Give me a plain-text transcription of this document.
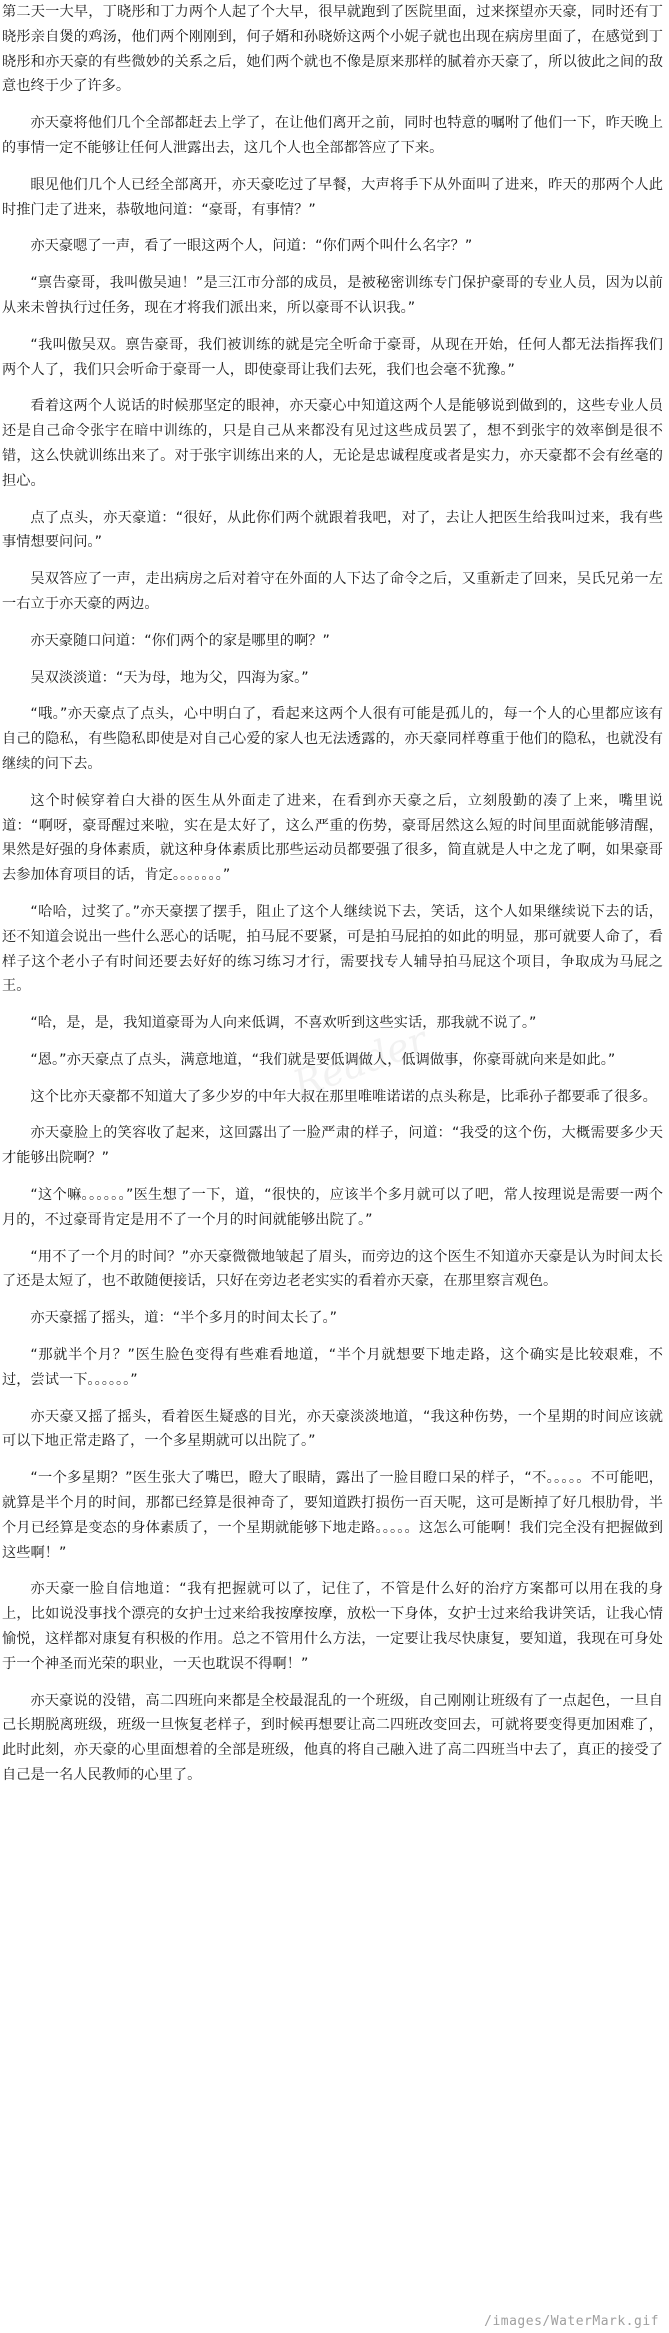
第二天一大早，丁晓彤和丁力两个人起了个大早，很早就跑到了医院里面，过来探望亦天豪，同时还有丁晓彤亲自煲的鸡汤，他们两个刚刚到，何子婿和孙晓娇这两个小妮子就也出现在病房里面了，在感觉到丁晓彤和亦天豪的有些微妙的关系之后，她们两个就也不像是原来那样的腻着亦天豪了，所以彼此之间的敌意也终于少了许多。

亦天豪将他们几个全部都赶去上学了，在让他们离开之前，同时也特意的嘱咐了他们一下，昨天晚上的事情一定不能够让任何人泄露出去，这几个人也全部都答应了下来。

眼见他们几个人已经全部离开，亦天豪吃过了早餐，大声将手下从外面叫了进来，昨天的那两个人此时推门走了进来，恭敬地问道：“豪哥，有事情？”

亦天豪嗯了一声，看了一眼这两个人，问道：“你们两个叫什么名字？”

“禀告豪哥，我叫傲吴迪！”是三江市分部的成员，是被秘密训练专门保护豪哥的专业人员，因为以前从来未曾执行过任务，现在才将我们派出来，所以豪哥不认识我。”

“我叫傲吴双。禀告豪哥，我们被训练的就是完全听命于豪哥，从现在开始，任何人都无法指挥我们两个人了，我们只会听命于豪哥一人，即使豪哥让我们去死，我们也会毫不犹豫。”

看着这两个人说话的时候那坚定的眼神，亦天豪心中知道这两个人是能够说到做到的，这些专业人员还是自己命令张宇在暗中训练的，只是自己从来都没有见过这些成员罢了，想不到张宇的效率倒是很不错，这么快就训练出来了。对于张宇训练出来的人，无论是忠诚程度或者是实力，亦天豪都不会有丝毫的担心。

点了点头，亦天豪道：“很好，从此你们两个就跟着我吧，对了，去让人把医生给我叫过来，我有些事情想要问问。”

吴双答应了一声，走出病房之后对着守在外面的人下达了命令之后，又重新走了回来，吴氏兄弟一左一右立于亦天豪的两边。

亦天豪随口问道：“你们两个的家是哪里的啊？”

吴双淡淡道：“天为母，地为父，四海为家。”

“哦。”亦天豪点了点头，心中明白了，看起来这两个人很有可能是孤儿的，每一个人的心里都应该有自己的隐私，有些隐私即使是对自己心爱的家人也无法透露的，亦天豪同样尊重于他们的隐私，也就没有继续的问下去。

这个时候穿着白大褂的医生从外面走了进来，在看到亦天豪之后，立刻殷勤的凑了上来，嘴里说道：“啊呀，豪哥醒过来啦，实在是太好了，这么严重的伤势，豪哥居然这么短的时间里面就能够清醒，果然是好强的身体素质，就这种身体素质比那些运动员都要强了很多，简直就是人中之龙了啊，如果豪哥去参加体育项目的话，肯定。。。。。。。”

“哈哈，过奖了。”亦天豪摆了摆手，阻止了这个人继续说下去，笑话，这个人如果继续说下去的话，还不知道会说出一些什么恶心的话呢，拍马屁不要紧，可是拍马屁拍的如此的明显，那可就要人命了，看样子这个老小子有时间还要去好好的练习练习才行，需要找专人辅导拍马屁这个项目，争取成为马屁之王。

“哈，是，是，我知道豪哥为人向来低调，不喜欢听到这些实话，那我就不说了。”

“恩。”亦天豪点了点头，满意地道，“我们就是要低调做人，低调做事，你豪哥就向来是如此。”

这个比亦天豪都不知道大了多少岁的中年大叔在那里唯唯诺诺的点头称是，比乖孙子都要乖了很多。

亦天豪脸上的笑容收了起来，这回露出了一脸严肃的样子，问道：“我受的这个伤，大概需要多少天才能够出院啊？”

“这个嘛。。。。。。”医生想了一下，道，“很快的，应该半个多月就可以了吧，常人按理说是需要一两个月的，不过豪哥肯定是用不了一个月的时间就能够出院了。”

“用不了一个月的时间？”亦天豪微微地皱起了眉头，而旁边的这个医生不知道亦天豪是认为时间太长了还是太短了，也不敢随便接话，只好在旁边老老实实的看着亦天豪，在那里察言观色。

亦天豪摇了摇头，道：“半个多月的时间太长了。”

“那就半个月？”医生脸色变得有些难看地道，“半个月就想要下地走路，这个确实是比较艰难，不过，尝试一下。。。。。。”

亦天豪又摇了摇头，看着医生疑惑的目光，亦天豪淡淡地道，“我这种伤势，一个星期的时间应该就可以下地正常走路了，一个多星期就可以出院了。”

“一个多星期？”医生张大了嘴巴，瞪大了眼睛，露出了一脸目瞪口呆的样子，“不。。。。。不可能吧，就算是半个月的时间，那都已经算是很神奇了，要知道跌打损伤一百天呢，这可是断掉了好几根肋骨，半个月已经算是变态的身体素质了，一个星期就能够下地走路。。。。。这怎么可能啊！我们完全没有把握做到这些啊！”

亦天豪一脸自信地道：“我有把握就可以了，记住了，不管是什么好的治疗方案都可以用在我的身上，比如说没事找个漂亮的女护士过来给我按摩按摩，放松一下身体，女护士过来给我讲笑话，让我心情愉悦，这样都对康复有积极的作用。总之不管用什么方法，一定要让我尽快康复，要知道，我现在可身处于一个神圣而光荣的职业，一天也耽误不得啊！”

亦天豪说的没错，高二四班向来都是全校最混乱的一个班级，自己刚刚让班级有了一点起色，一旦自己长期脱离班级，班级一旦恢复老样子，到时候再想要让高二四班改变回去，可就将要变得更加困难了，此时此刻，亦天豪的心里面想着的全部是班级，他真的将自己融入进了高二四班当中去了，真正的接受了自己是一名人民教师的心里了。

Reader
/images/WaterMark.gif
